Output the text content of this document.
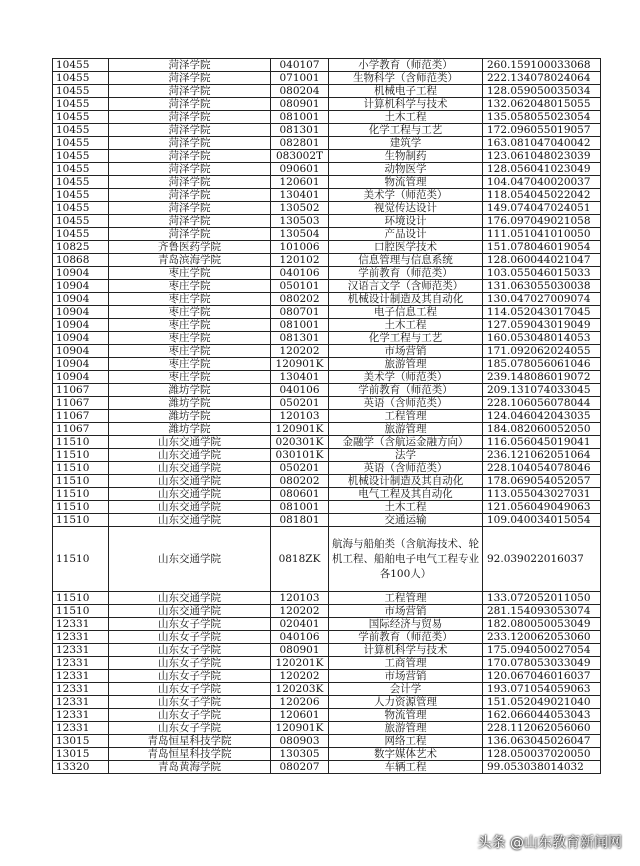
10455	菏泽学院	040107	小学教育（师范类）	260.159100033068
10455	菏泽学院	071001	生物科学（含师范类）	222.134078024064
10455	菏泽学院	080204	机械电子工程	128.059050035034
10455	菏泽学院	080901	计算机科学与技术	132.062048015055
10455	菏泽学院	081001	土木工程	135.058055023054
10455	菏泽学院	081301	化学工程与工艺	172.096055019057
10455	菏泽学院	082801	建筑学	163.081047040042
10455	菏泽学院	083002T	生物制药	123.061048023039
10455	菏泽学院	090601	动物医学	128.056041023049
10455	菏泽学院	120601	物流管理	104.047040020037
10455	菏泽学院	130401	美术学（师范类）	118.054045022042
10455	菏泽学院	130502	视觉传达设计	149.074047024051
10455	菏泽学院	130503	环境设计	176.097049021058
10455	菏泽学院	130504	产品设计	111.051041010050
10825	齐鲁医药学院	101006	口腔医学技术	151.078046019054
10868	青岛滨海学院	120102	信息管理与信息系统	128.060044021047
10904	枣庄学院	040106	学前教育（师范类）	103.055046015033
10904	枣庄学院	050101	汉语言文学（含师范类）	131.063055030038
10904	枣庄学院	080202	机械设计制造及其自动化	130.047027009074
10904	枣庄学院	080701	电子信息工程	114.052043017045
10904	枣庄学院	081001	土木工程	127.059043019049
10904	枣庄学院	081301	化学工程与工艺	160.053048014053
10904	枣庄学院	120202	市场营销	171.092062024055
10904	枣庄学院	120901K	旅游管理	185.078056061046
10904	枣庄学院	130401	美术学（师范类）	239.148086019072
11067	潍坊学院	040106	学前教育（师范类）	209.131074033045
11067	潍坊学院	050201	英语（含师范类）	228.106056078044
11067	潍坊学院	120103	工程管理	124.046042043035
11067	潍坊学院	120901K	旅游管理	184.082060052050
11510	山东交通学院	020301K	金融学（含航运金融方向）	116.056045019041
11510	山东交通学院	030101K	法学	236.121062051064
11510	山东交通学院	050201	英语（含师范类）	228.104054078046
11510	山东交通学院	080202	机械设计制造及其自动化	178.069054052057
11510	山东交通学院	080601	电气工程及其自动化	113.055043027031
11510	山东交通学院	081001	土木工程	121.056049049063
11510	山东交通学院	081801	交通运输	109.040034015054
11510	山东交通学院	0818ZK	航海与船舶类（含航海技术、轮机工程、船舶电子电气工程专业各100人）	92.039022016037
11510	山东交通学院	120103	工程管理	133.072052011050
11510	山东交通学院	120202	市场营销	281.154093053074
12331	山东女子学院	020401	国际经济与贸易	182.080050053049
12331	山东女子学院	040106	学前教育（师范类）	233.120062053060
12331	山东女子学院	080901	计算机科学与技术	175.094050027054
12331	山东女子学院	120201K	工商管理	170.078053033049
12331	山东女子学院	120202	市场营销	120.067046016037
12331	山东女子学院	120203K	会计学	193.071054059063
12331	山东女子学院	120206	人力资源管理	151.052049021040
12331	山东女子学院	120601	物流管理	162.066044053043
12331	山东女子学院	120901K	旅游管理	228.112062056060
13015	青岛恒星科技学院	080903	网络工程	136.063045026047
13015	青岛恒星科技学院	130305	数字媒体艺术	128.050037020050
13320	青岛黄海学院	080207	车辆工程	99.053038014032
头条 @山东教育新闻网
